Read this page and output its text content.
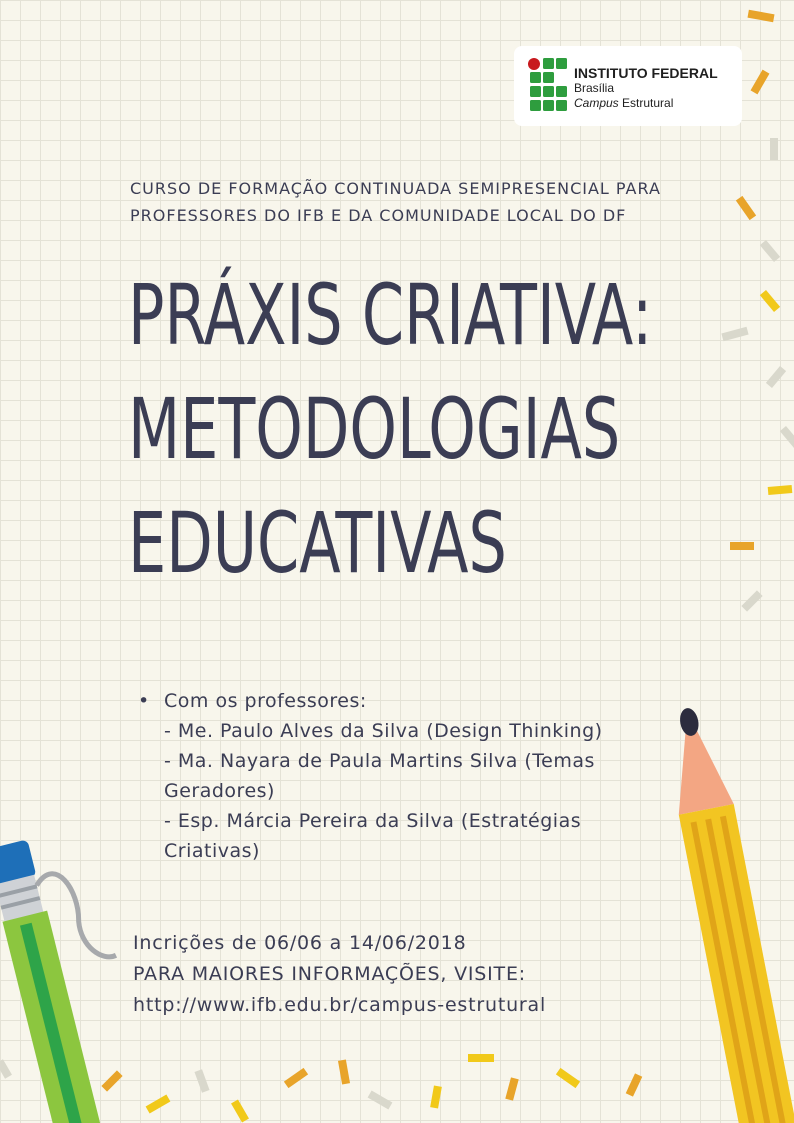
INSTITUTO FEDERAL
Brasília
Campus Estrutural
CURSO DE FORMAÇÃO CONTINUADA SEMIPRESENCIAL PARA
PROFESSORES DO IFB E DA COMUNIDADE LOCAL DO DF
PRÁXIS CRIATIVA:
METODOLOGIAS
EDUCATIVAS
• Com os professores:
- Me. Paulo Alves da Silva (Design Thinking)
- Ma. Nayara de Paula Martins Silva (Temas
Geradores)
- Esp. Márcia Pereira da Silva (Estratégias
Criativas)
Incrições de 06/06 a 14/06/2018
PARA MAIORES INFORMAÇÕES, VISITE:
http://www.ifb.edu.br/campus-estrutural
